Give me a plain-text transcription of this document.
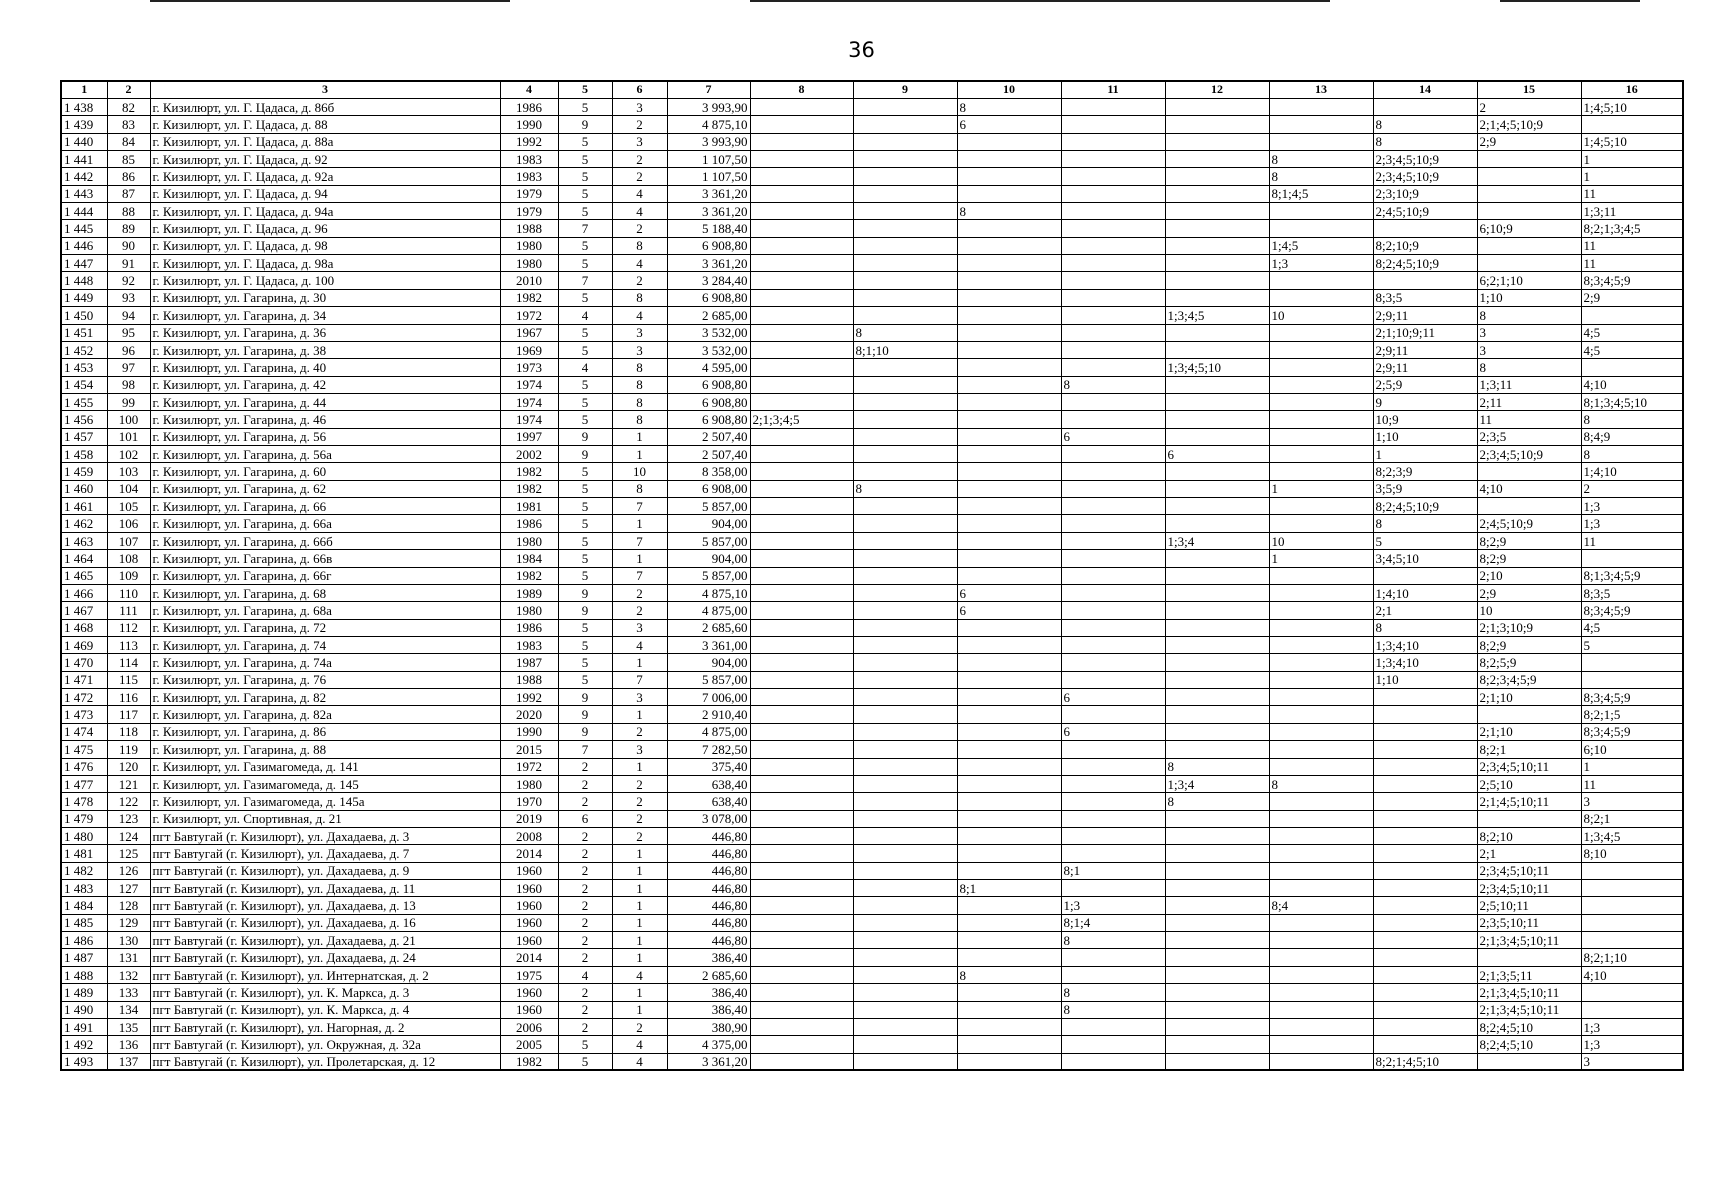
36
1	2	3	4	5	6	7	8	9	10	11	12	13	14	15	16
1 438	82	г. Кизилюрт, ул. Г. Цадаса, д. 86б	1986	5	3	3 993,90			8					2	1;4;5;10
1 439	83	г. Кизилюрт, ул. Г. Цадаса, д. 88	1990	9	2	4 875,10			6				8	2;1;4;5;10;9	
1 440	84	г. Кизилюрт, ул. Г. Цадаса, д. 88а	1992	5	3	3 993,90							8	2;9	1;4;5;10
1 441	85	г. Кизилюрт, ул. Г. Цадаса, д. 92	1983	5	2	1 107,50						8	2;3;4;5;10;9		1
1 442	86	г. Кизилюрт, ул. Г. Цадаса, д. 92а	1983	5	2	1 107,50						8	2;3;4;5;10;9		1
1 443	87	г. Кизилюрт, ул. Г. Цадаса, д. 94	1979	5	4	3 361,20						8;1;4;5	2;3;10;9		11
1 444	88	г. Кизилюрт, ул. Г. Цадаса, д. 94а	1979	5	4	3 361,20			8				2;4;5;10;9		1;3;11
1 445	89	г. Кизилюрт, ул. Г. Цадаса, д. 96	1988	7	2	5 188,40								6;10;9	8;2;1;3;4;5
1 446	90	г. Кизилюрт, ул. Г. Цадаса, д. 98	1980	5	8	6 908,80						1;4;5	8;2;10;9		11
1 447	91	г. Кизилюрт, ул. Г. Цадаса, д. 98а	1980	5	4	3 361,20						1;3	8;2;4;5;10;9		11
1 448	92	г. Кизилюрт, ул. Г. Цадаса, д. 100	2010	7	2	3 284,40								6;2;1;10	8;3;4;5;9
1 449	93	г. Кизилюрт, ул. Гагарина, д. 30	1982	5	8	6 908,80							8;3;5	1;10	2;9
1 450	94	г. Кизилюрт, ул. Гагарина, д. 34	1972	4	4	2 685,00					1;3;4;5	10	2;9;11	8	
1 451	95	г. Кизилюрт, ул. Гагарина, д. 36	1967	5	3	3 532,00		8					2;1;10;9;11	3	4;5
1 452	96	г. Кизилюрт, ул. Гагарина, д. 38	1969	5	3	3 532,00		8;1;10					2;9;11	3	4;5
1 453	97	г. Кизилюрт, ул. Гагарина, д. 40	1973	4	8	4 595,00					1;3;4;5;10		2;9;11	8	
1 454	98	г. Кизилюрт, ул. Гагарина, д. 42	1974	5	8	6 908,80				8			2;5;9	1;3;11	4;10
1 455	99	г. Кизилюрт, ул. Гагарина, д. 44	1974	5	8	6 908,80							9	2;11	8;1;3;4;5;10
1 456	100	г. Кизилюрт, ул. Гагарина, д. 46	1974	5	8	6 908,80	2;1;3;4;5						10;9	11	8
1 457	101	г. Кизилюрт, ул. Гагарина, д. 56	1997	9	1	2 507,40				6			1;10	2;3;5	8;4;9
1 458	102	г. Кизилюрт, ул. Гагарина, д. 56а	2002	9	1	2 507,40					6		1	2;3;4;5;10;9	8
1 459	103	г. Кизилюрт, ул. Гагарина, д. 60	1982	5	10	8 358,00							8;2;3;9		1;4;10
1 460	104	г. Кизилюрт, ул. Гагарина, д. 62	1982	5	8	6 908,00		8				1	3;5;9	4;10	2
1 461	105	г. Кизилюрт, ул. Гагарина, д. 66	1981	5	7	5 857,00							8;2;4;5;10;9		1;3
1 462	106	г. Кизилюрт, ул. Гагарина, д. 66а	1986	5	1	904,00							8	2;4;5;10;9	1;3
1 463	107	г. Кизилюрт, ул. Гагарина, д. 66б	1980	5	7	5 857,00					1;3;4	10	5	8;2;9	11
1 464	108	г. Кизилюрт, ул. Гагарина, д. 66в	1984	5	1	904,00						1	3;4;5;10	8;2;9	
1 465	109	г. Кизилюрт, ул. Гагарина, д. 66г	1982	5	7	5 857,00								2;10	8;1;3;4;5;9
1 466	110	г. Кизилюрт, ул. Гагарина, д. 68	1989	9	2	4 875,10			6				1;4;10	2;9	8;3;5
1 467	111	г. Кизилюрт, ул. Гагарина, д. 68а	1980	9	2	4 875,00			6				2;1	10	8;3;4;5;9
1 468	112	г. Кизилюрт, ул. Гагарина, д. 72	1986	5	3	2 685,60							8	2;1;3;10;9	4;5
1 469	113	г. Кизилюрт, ул. Гагарина, д. 74	1983	5	4	3 361,00							1;3;4;10	8;2;9	5
1 470	114	г. Кизилюрт, ул. Гагарина, д. 74а	1987	5	1	904,00							1;3;4;10	8;2;5;9	
1 471	115	г. Кизилюрт, ул. Гагарина, д. 76	1988	5	7	5 857,00							1;10	8;2;3;4;5;9	
1 472	116	г. Кизилюрт, ул. Гагарина, д. 82	1992	9	3	7 006,00				6				2;1;10	8;3;4;5;9
1 473	117	г. Кизилюрт, ул. Гагарина, д. 82а	2020	9	1	2 910,40									8;2;1;5
1 474	118	г. Кизилюрт, ул. Гагарина, д. 86	1990	9	2	4 875,00				6				2;1;10	8;3;4;5;9
1 475	119	г. Кизилюрт, ул. Гагарина, д. 88	2015	7	3	7 282,50								8;2;1	6;10
1 476	120	г. Кизилюрт, ул. Газимагомеда, д. 141	1972	2	1	375,40					8			2;3;4;5;10;11	1
1 477	121	г. Кизилюрт, ул. Газимагомеда, д. 145	1980	2	2	638,40					1;3;4	8		2;5;10	11
1 478	122	г. Кизилюрт, ул. Газимагомеда, д. 145а	1970	2	2	638,40					8			2;1;4;5;10;11	3
1 479	123	г. Кизилюрт, ул. Спортивная, д. 21	2019	6	2	3 078,00									8;2;1
1 480	124	пгт Бавтугай (г. Кизилюрт), ул. Дахадаева, д. 3	2008	2	2	446,80								8;2;10	1;3;4;5
1 481	125	пгт Бавтугай (г. Кизилюрт), ул. Дахадаева, д. 7	2014	2	1	446,80								2;1	8;10
1 482	126	пгт Бавтугай (г. Кизилюрт), ул. Дахадаева, д. 9	1960	2	1	446,80				8;1				2;3;4;5;10;11	
1 483	127	пгт Бавтугай (г. Кизилюрт), ул. Дахадаева, д. 11	1960	2	1	446,80			8;1					2;3;4;5;10;11	
1 484	128	пгт Бавтугай (г. Кизилюрт), ул. Дахадаева, д. 13	1960	2	1	446,80				1;3		8;4		2;5;10;11	
1 485	129	пгт Бавтугай (г. Кизилюрт), ул. Дахадаева, д. 16	1960	2	1	446,80				8;1;4				2;3;5;10;11	
1 486	130	пгт Бавтугай (г. Кизилюрт), ул. Дахадаева, д. 21	1960	2	1	446,80				8				2;1;3;4;5;10;11	
1 487	131	пгт Бавтугай (г. Кизилюрт), ул. Дахадаева, д. 24	2014	2	1	386,40									8;2;1;10
1 488	132	пгт Бавтугай (г. Кизилюрт), ул. Интернатская, д. 2	1975	4	4	2 685,60			8					2;1;3;5;11	4;10
1 489	133	пгт Бавтугай (г. Кизилюрт), ул. К. Маркса, д. 3	1960	2	1	386,40				8				2;1;3;4;5;10;11	
1 490	134	пгт Бавтугай (г. Кизилюрт), ул. К. Маркса, д. 4	1960	2	1	386,40				8				2;1;3;4;5;10;11	
1 491	135	пгт Бавтугай (г. Кизилюрт), ул. Нагорная, д. 2	2006	2	2	380,90								8;2;4;5;10	1;3
1 492	136	пгт Бавтугай (г. Кизилюрт), ул. Окружная, д. 32а	2005	5	4	4 375,00								8;2;4;5;10	1;3
1 493	137	пгт Бавтугай (г. Кизилюрт), ул. Пролетарская, д. 12	1982	5	4	3 361,20							8;2;1;4;5;10		3
